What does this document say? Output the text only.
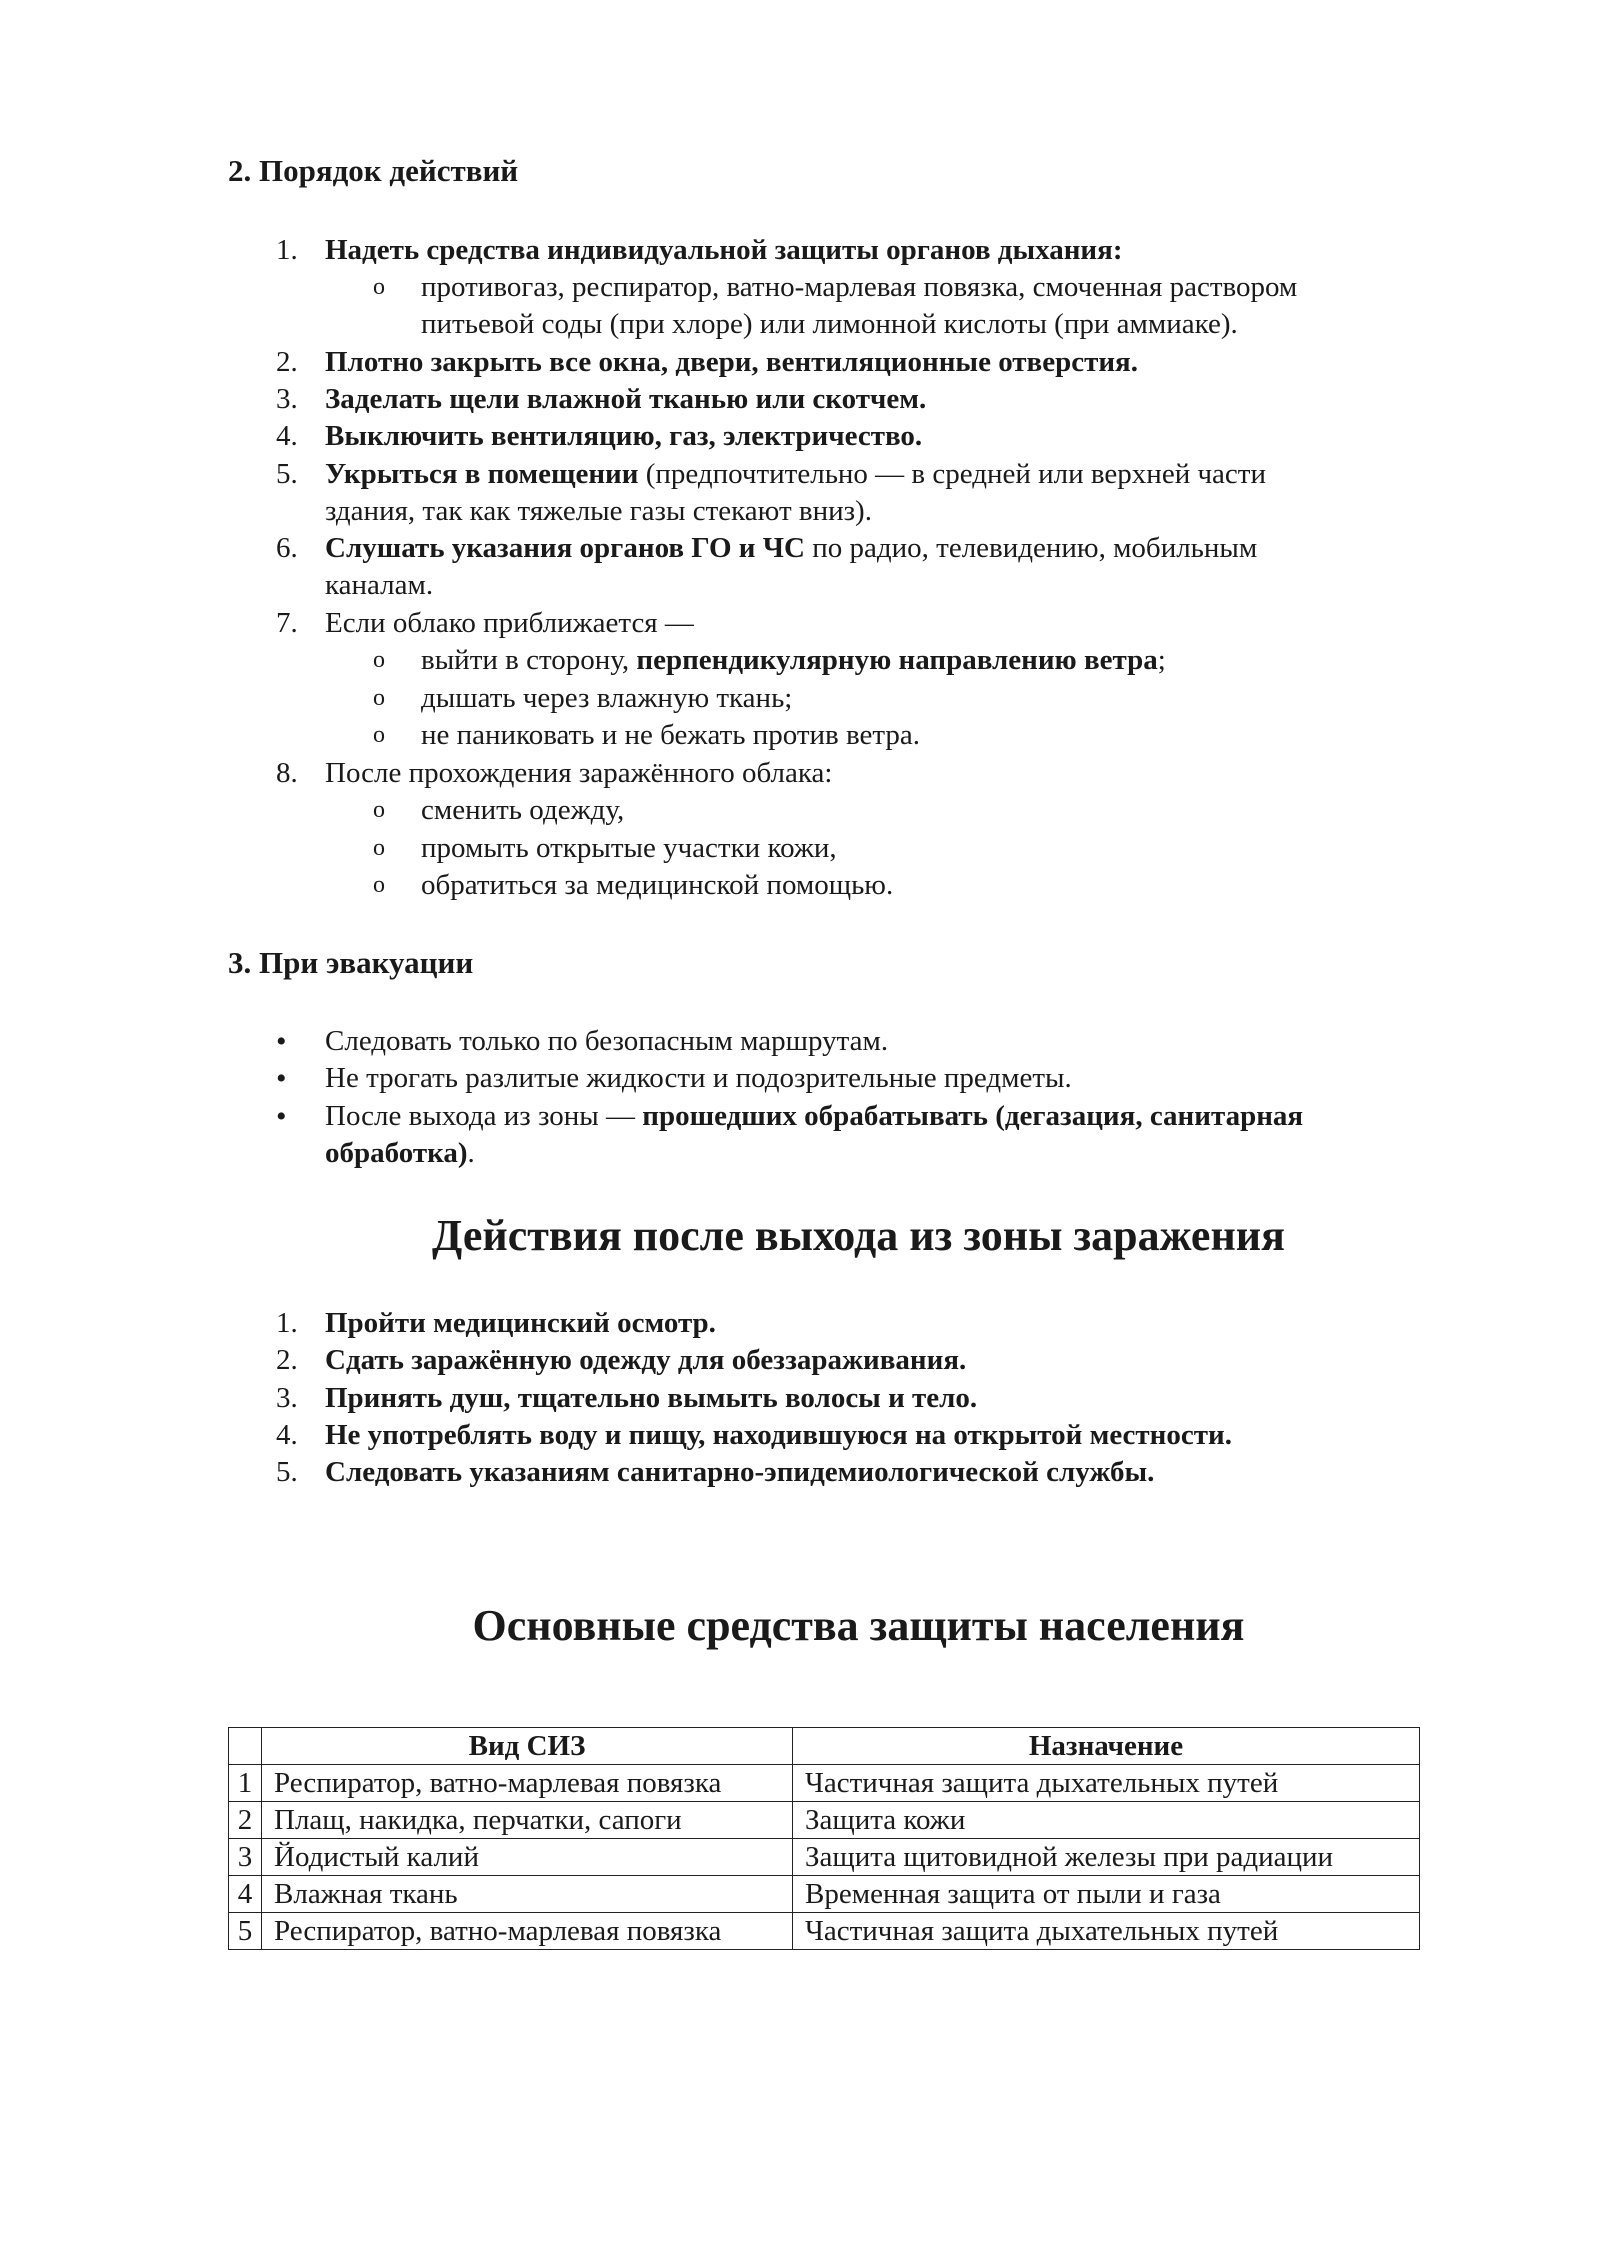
2. Порядок действий
1. Надеть средства индивидуальной защиты органов дыхания:
o противогаз, респиратор, ватно-марлевая повязка, смоченная раствором
питьевой соды (при хлоре) или лимонной кислоты (при аммиаке).
2. Плотно закрыть все окна, двери, вентиляционные отверстия.
3. Заделать щели влажной тканью или скотчем.
4. Выключить вентиляцию, газ, электричество.
5. Укрыться в помещении (предпочтительно — в средней или верхней части
здания, так как тяжелые газы стекают вниз).
6. Слушать указания органов ГО и ЧС по радио, телевидению, мобильным
каналам.
7. Если облако приближается —
o выйти в сторону, перпендикулярную направлению ветра;
o дышать через влажную ткань;
o не паниковать и не бежать против ветра.
8. После прохождения заражённого облака:
o сменить одежду,
o промыть открытые участки кожи,
o обратиться за медицинской помощью.
3. При эвакуации
• Следовать только по безопасным маршрутам.
• Не трогать разлитые жидкости и подозрительные предметы.
• После выхода из зоны — прошедших обрабатывать (дегазация, санитарная
обработка).
Действия после выхода из зоны заражения
1. Пройти медицинский осмотр.
2. Сдать заражённую одежду для обеззараживания.
3. Принять душ, тщательно вымыть волосы и тело.
4. Не употреблять воду и пищу, находившуюся на открытой местности.
5. Следовать указаниям санитарно-эпидемиологической службы.
Основные средства защиты населения
	Вид СИЗ	Назначение
1	Респиратор, ватно-марлевая повязка	Частичная защита дыхательных путей
2	Плащ, накидка, перчатки, сапоги	Защита кожи
3	Йодистый калий	Защита щитовидной железы при радиации
4	Влажная ткань	Временная защита от пыли и газа
5	Респиратор, ватно-марлевая повязка	Частичная защита дыхательных путей
